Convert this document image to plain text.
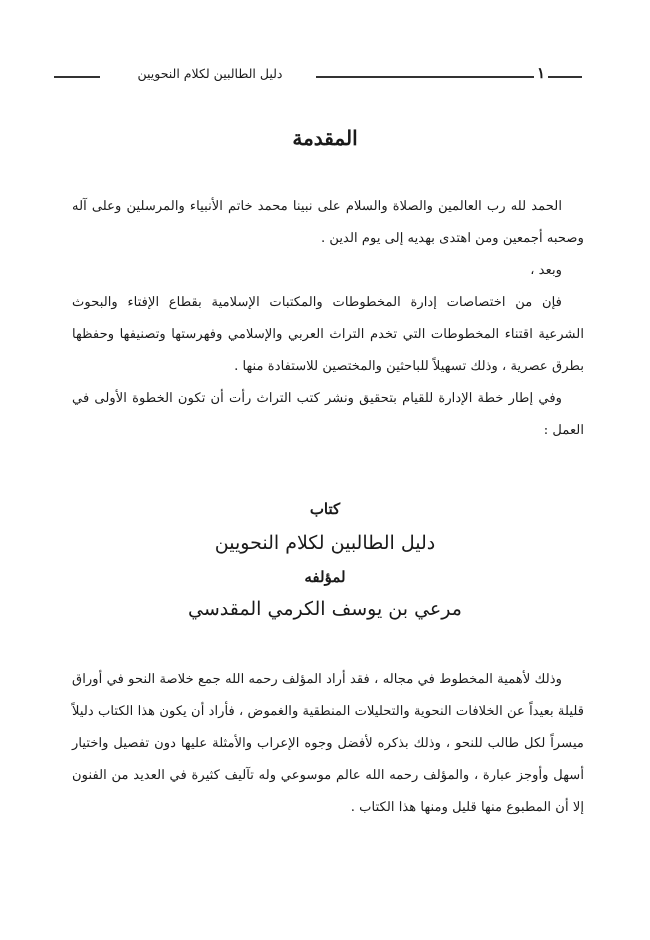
دليل الطالبين لكلام النحويين	١
المقدمة

الحمد لله رب العالمين والصلاة والسلام على نبينا محمد خاتم الأنبياء والمرسلين وعلى آله وصحبه أجمعين ومن اهتدى بهديه إلى يوم الدين .

وبعد ،

فإن من اختصاصات إدارة المخطوطات والمكتبات الإسلامية بقطاع الإفتاء والبحوث الشرعية اقتناء المخطوطات التي تخدم التراث العربي والإسلامي وفهرستها وتصنيفها وحفظها بطرق عصرية ، وذلك تسهيلاً للباحثين والمختصين للاستفادة منها .

وفي إطار خطة الإدارة للقيام بتحقيق ونشر كتب التراث رأت أن تكون الخطوة الأولى في العمل :

كتاب
دليل الطالبين لكلام النحويين
لمؤلفه
مرعي بن يوسف الكرمي المقدسي

وذلك لأهمية المخطوط في مجاله ، فقد أراد المؤلف رحمه الله جمع خلاصة النحو في أوراق قليلة بعيداً عن الخلافات النحوية والتحليلات المنطقية والغموض ، فأراد أن يكون هذا الكتاب دليلاً ميسراً لكل طالب للنحو ، وذلك بذكره لأفضل وجوه الإعراب والأمثلة عليها دون تفصيل واختيار أسهل وأوجز عبارة ، والمؤلف رحمه الله عالم موسوعي وله تآليف كثيرة في العديد من الفنون إلا أن المطبوع منها قليل ومنها هذا الكتاب .
